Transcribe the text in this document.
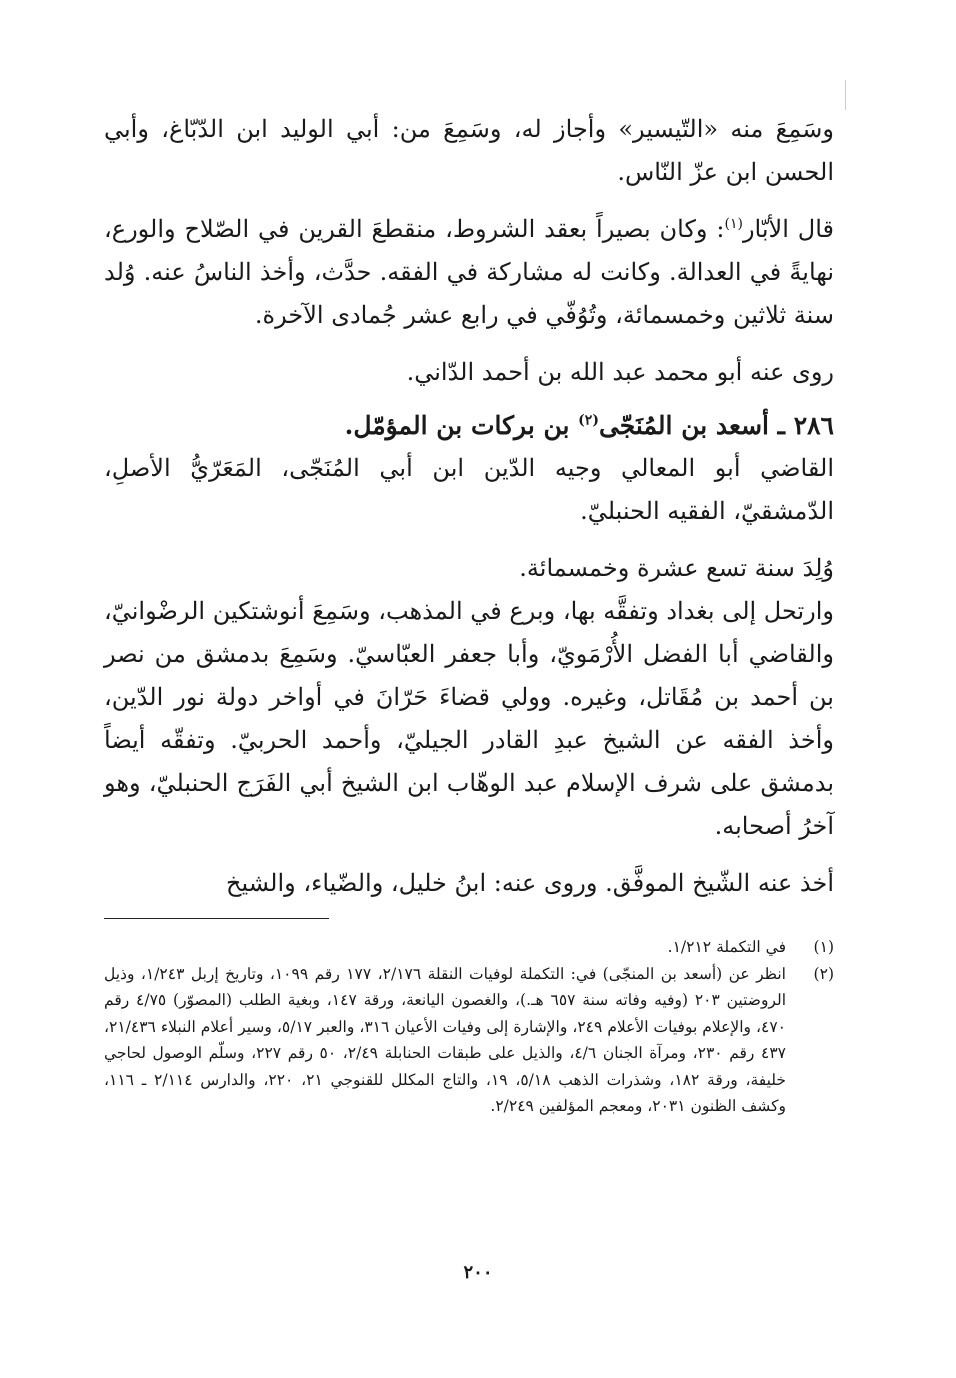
وسَمِعَ منه «التّيسير» وأجاز له، وسَمِعَ من: أبي الوليد ابن الدّبّاغ، وأبي الحسن ابن عزّ النّاس.

قال الأبّار$^{(١)}$: وكان بصيراً بعقد الشروط، منقطعَ القرين في الصّلاح والورع، نهايةً في العدالة. وكانت له مشاركة في الفقه. حدَّث، وأخذ الناسُ عنه. وُلد سنة ثلاثين وخمسمائة، وتُوُفّي في رابع عشر جُمادى الآخرة.

روى عنه أبو محمد عبد الله بن أحمد الدّاني.

٢٨٦ ـ أسعد بن المُنَجّى$^{(٢)}$ بن بركات بن المؤمّل.

القاضي أبو المعالي وجيه الدّين ابن أبي المُنَجّى، المَعَرّيُّ الأصلِ، الدّمشقيّ، الفقيه الحنبليّ.

وُلِدَ سنة تسع عشرة وخمسمائة.

وارتحل إلى بغداد وتفقَّه بها، وبرع في المذهب، وسَمِعَ أنوشتكين الرضْوانيّ، والقاضي أبا الفضل الأُرْمَويّ، وأبا جعفر العبّاسيّ. وسَمِعَ بدمشق من نصر بن أحمد بن مُقَاتل، وغيره. وولي قضاءَ حَرّانَ في أواخر دولة نور الدّين، وأخذ الفقه عن الشيخ عبدِ القادر الجيليّ، وأحمد الحربيّ. وتفقّه أيضاً بدمشق على شرف الإسلام عبد الوهّاب ابن الشيخ أبي الفَرَج الحنبليّ، وهو آخرُ أصحابه.

أخذ عنه الشّيخ الموفَّق. وروى عنه: ابنُ خليل، والضّياء، والشيخ

(١)
في التكملة ١/٢١٢.
(٢)
انظر عن (أسعد بن المنجّى) في: التكملة لوفيات النقلة ٢/١٧٦، ١٧٧ رقم ١٠٩٩، وتاريخ إربل ١/٢٤٣، وذيل الروضتين ٢٠٣ (وفيه وفاته سنة ٦٥٧ هـ.)، والغصون اليانعة، ورقة ١٤٧، وبغية الطلب (المصوّر) ٤/٧٥ رقم ٤٧٠، والإعلام بوفيات الأعلام ٢٤٩، والإشارة إلى وفيات الأعيان ٣١٦، والعبر ٥/١٧، وسير أعلام النبلاء ٢١/٤٣٦، ٤٣٧ رقم ٢٣٠، ومرآة الجنان ٤/٦، والذيل على طبقات الحنابلة ٢/٤٩، ٥٠ رقم ٢٢٧، وسلّم الوصول لحاجي خليفة، ورقة ١٨٢، وشذرات الذهب ٥/١٨، ١٩، والتاج المكلل للقنوجي ٢١، ٢٢٠، والدارس ٢/١١٤ ـ ١١٦، وكشف الظنون ٢٠٣١، ومعجم المؤلفين ٢/٢٤٩.
٢٠٠
